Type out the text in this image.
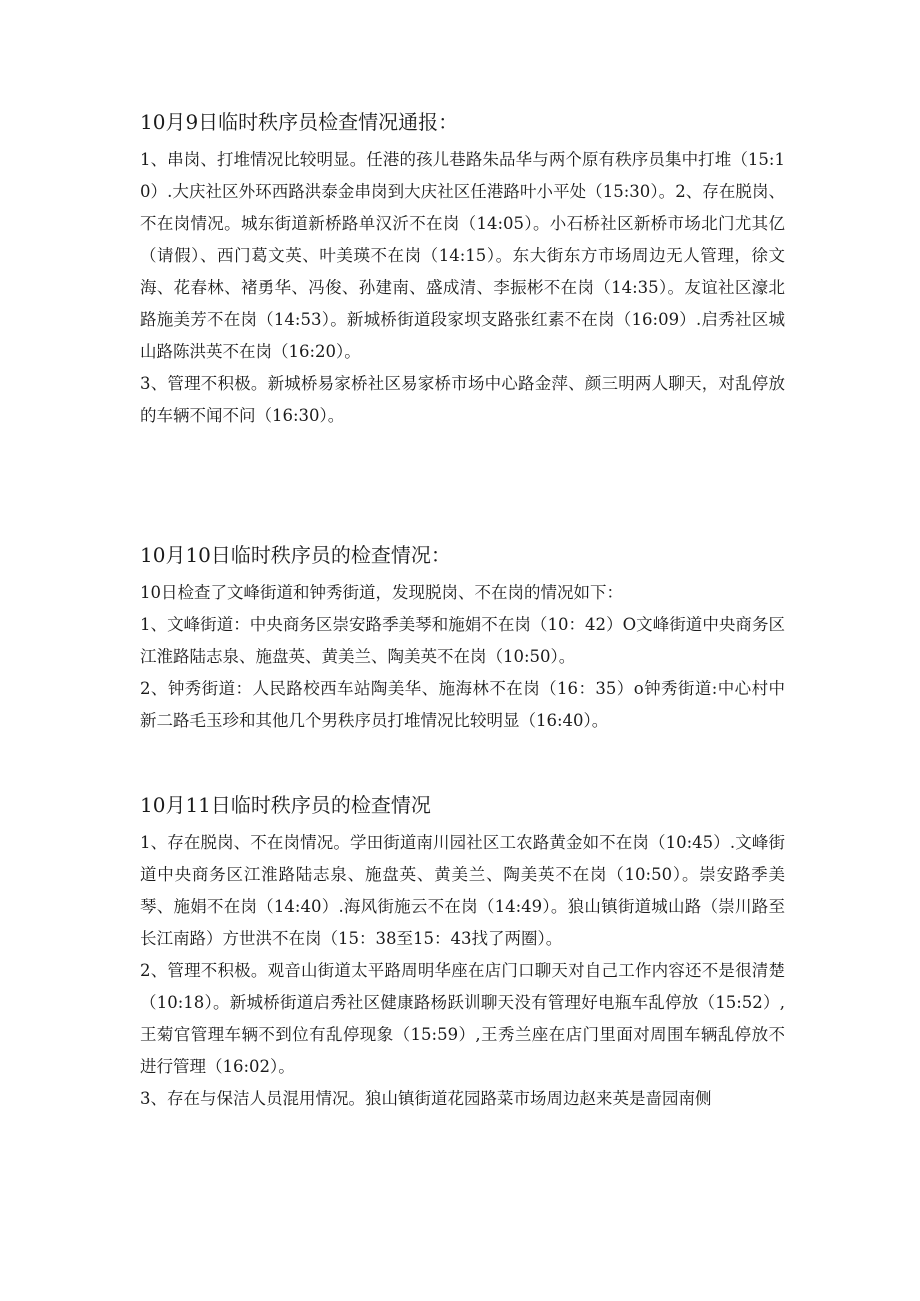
10月9日临时秩序员检查情况通报：

1、串岗、打堆情况比较明显。任港的孩儿巷路朱品华与两个原有秩序员集中打堆（15:10）.大庆社区外环西路洪泰金串岗到大庆社区任港路叶小平处（15:30）。2、存在脱岗、不在岗情况。城东街道新桥路单汉沂不在岗（14:05）。小石桥社区新桥市场北门尤其亿（请假）、西门葛文英、叶美瑛不在岗（14:15）。东大街东方市场周边无人管理，徐文海、花春林、褚勇华、冯俊、孙建南、盛成清、李振彬不在岗（14:35）。友谊社区濠北路施美芳不在岗（14:53）。新城桥街道段家坝支路张红素不在岗（16:09）.启秀社区城山路陈洪英不在岗（16:20）。

3、管理不积极。新城桥易家桥社区易家桥市场中心路金萍、颜三明两人聊天，对乱停放的车辆不闻不问（16:30）。

10月10日临时秩序员的检查情况：

10日检查了文峰街道和钟秀街道，发现脱岗、不在岗的情况如下：

1、文峰街道：中央商务区崇安路季美琴和施娟不在岗（10：42）O文峰街道中央商务区江淮路陆志泉、施盘英、黄美兰、陶美英不在岗（10:50）。

2、钟秀街道：人民路校西车站陶美华、施海林不在岗（16：35）o钟秀街道:中心村中新二路毛玉珍和其他几个男秩序员打堆情况比较明显（16:40）。

10月11日临时秩序员的检查情况

1、存在脱岗、不在岗情况。学田街道南川园社区工农路黄金如不在岗（10:45）.文峰街道中央商务区江淮路陆志泉、施盘英、黄美兰、陶美英不在岗（10:50）。崇安路季美琴、施娟不在岗（14:40）.海风街施云不在岗（14:49）。狼山镇街道城山路（崇川路至长江南路）方世洪不在岗（15：38至15：43找了两圈）。

2、管理不积极。观音山街道太平路周明华座在店门口聊天对自己工作内容还不是很清楚（10:18）。新城桥街道启秀社区健康路杨跃训聊天没有管理好电瓶车乱停放（15:52）,王菊官管理车辆不到位有乱停现象（15:59）,王秀兰座在店门里面对周围车辆乱停放不进行管理（16:02）。

3、存在与保洁人员混用情况。狼山镇街道花园路菜市场周边赵来英是啬园南侧
